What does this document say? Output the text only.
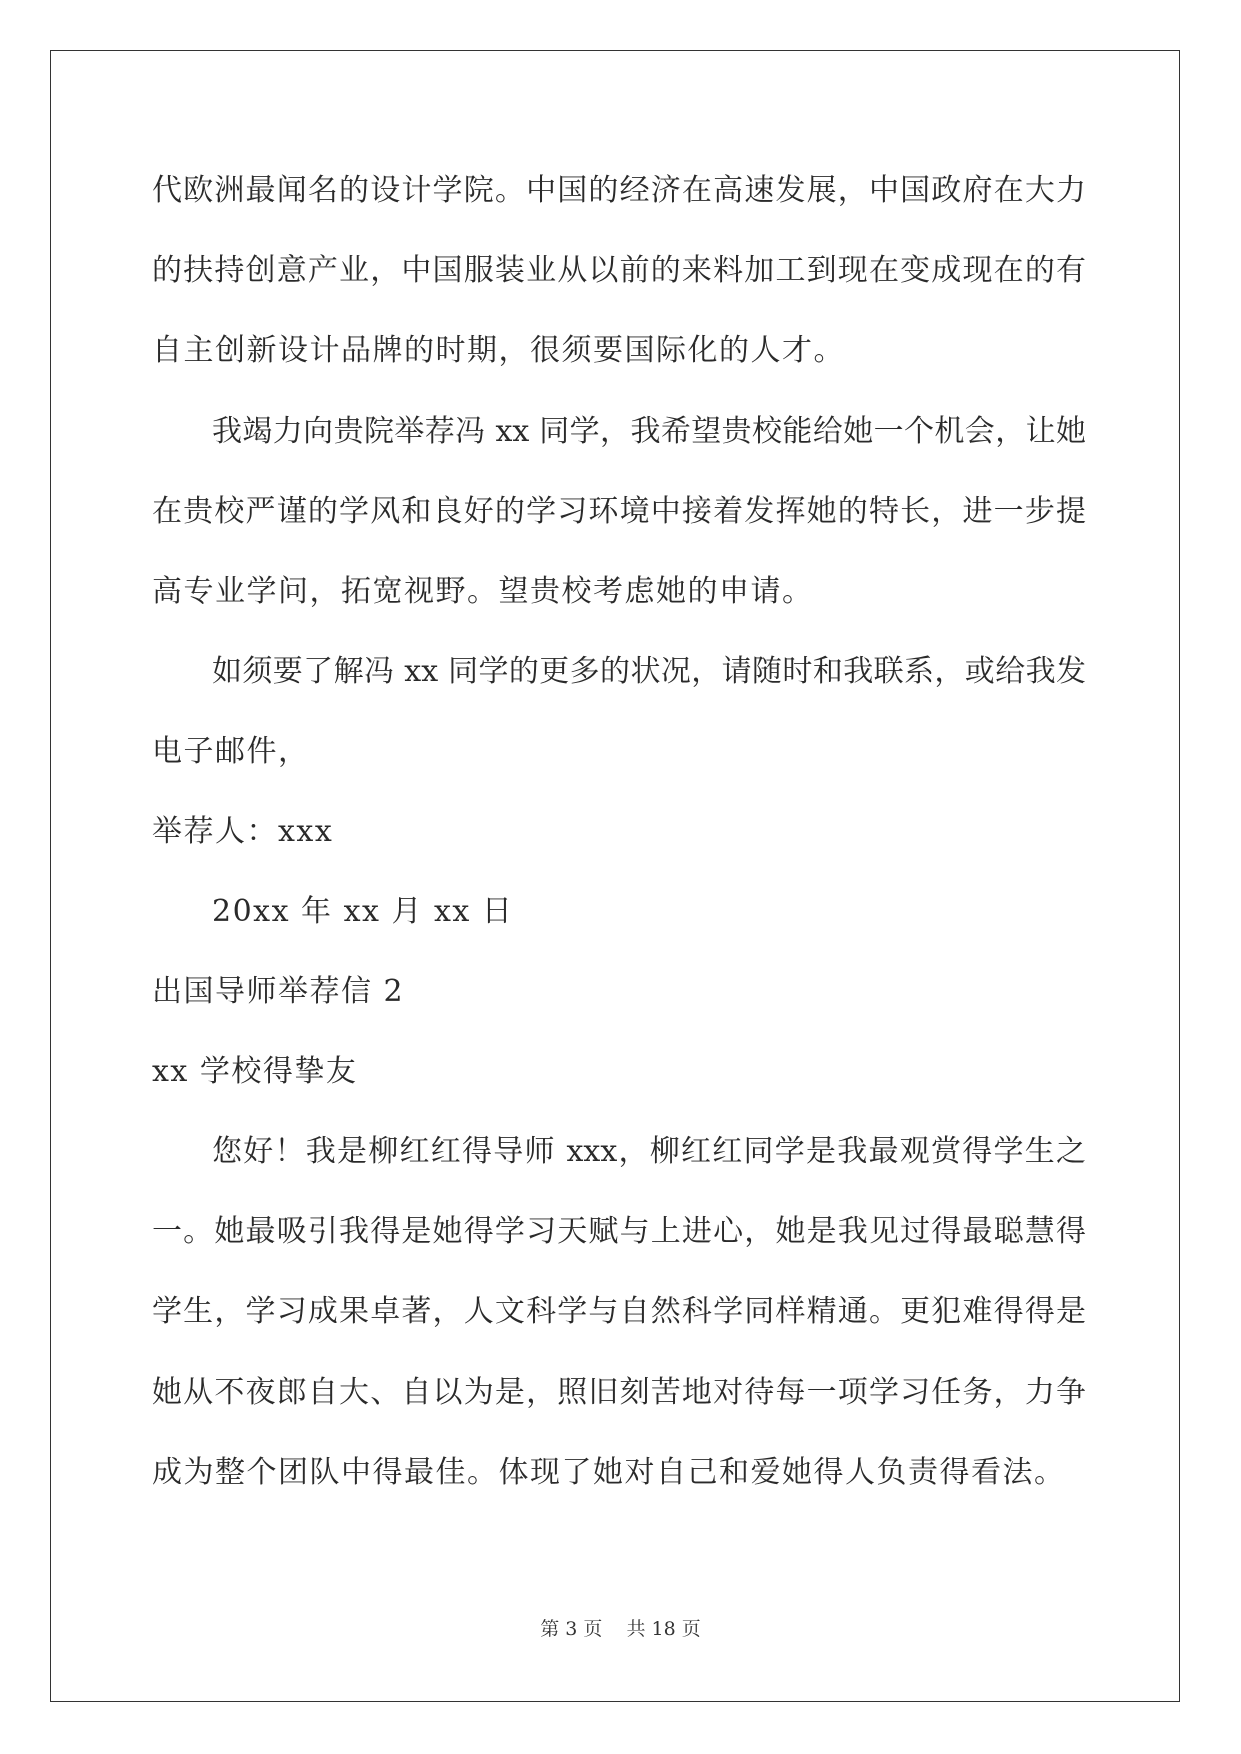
代欧洲最闻名的设计学院。中国的经济在高速发展，中国政府在大力
的扶持创意产业，中国服装业从以前的来料加工到现在变成现在的有
自主创新设计品牌的时期，很须要国际化的人才。
我竭力向贵院举荐冯 xx 同学，我希望贵校能给她一个机会，让她
在贵校严谨的学风和良好的学习环境中接着发挥她的特长，进一步提
高专业学问，拓宽视野。望贵校考虑她的申请。
如须要了解冯 xx 同学的更多的状况，请随时和我联系，或给我发
电子邮件，
举荐人：xxx
20xx 年 xx 月 xx 日
出国导师举荐信 2
xx 学校得挚友
您好！我是柳红红得导师 xxx，柳红红同学是我最观赏得学生之
一。她最吸引我得是她得学习天赋与上进心，她是我见过得最聪慧得
学生，学习成果卓著，人文科学与自然科学同样精通。更犯难得得是
她从不夜郎自大、自以为是，照旧刻苦地对待每一项学习任务，力争
成为整个团队中得最佳。体现了她对自己和爱她得人负责得看法。
第 3 页 共 18 页
